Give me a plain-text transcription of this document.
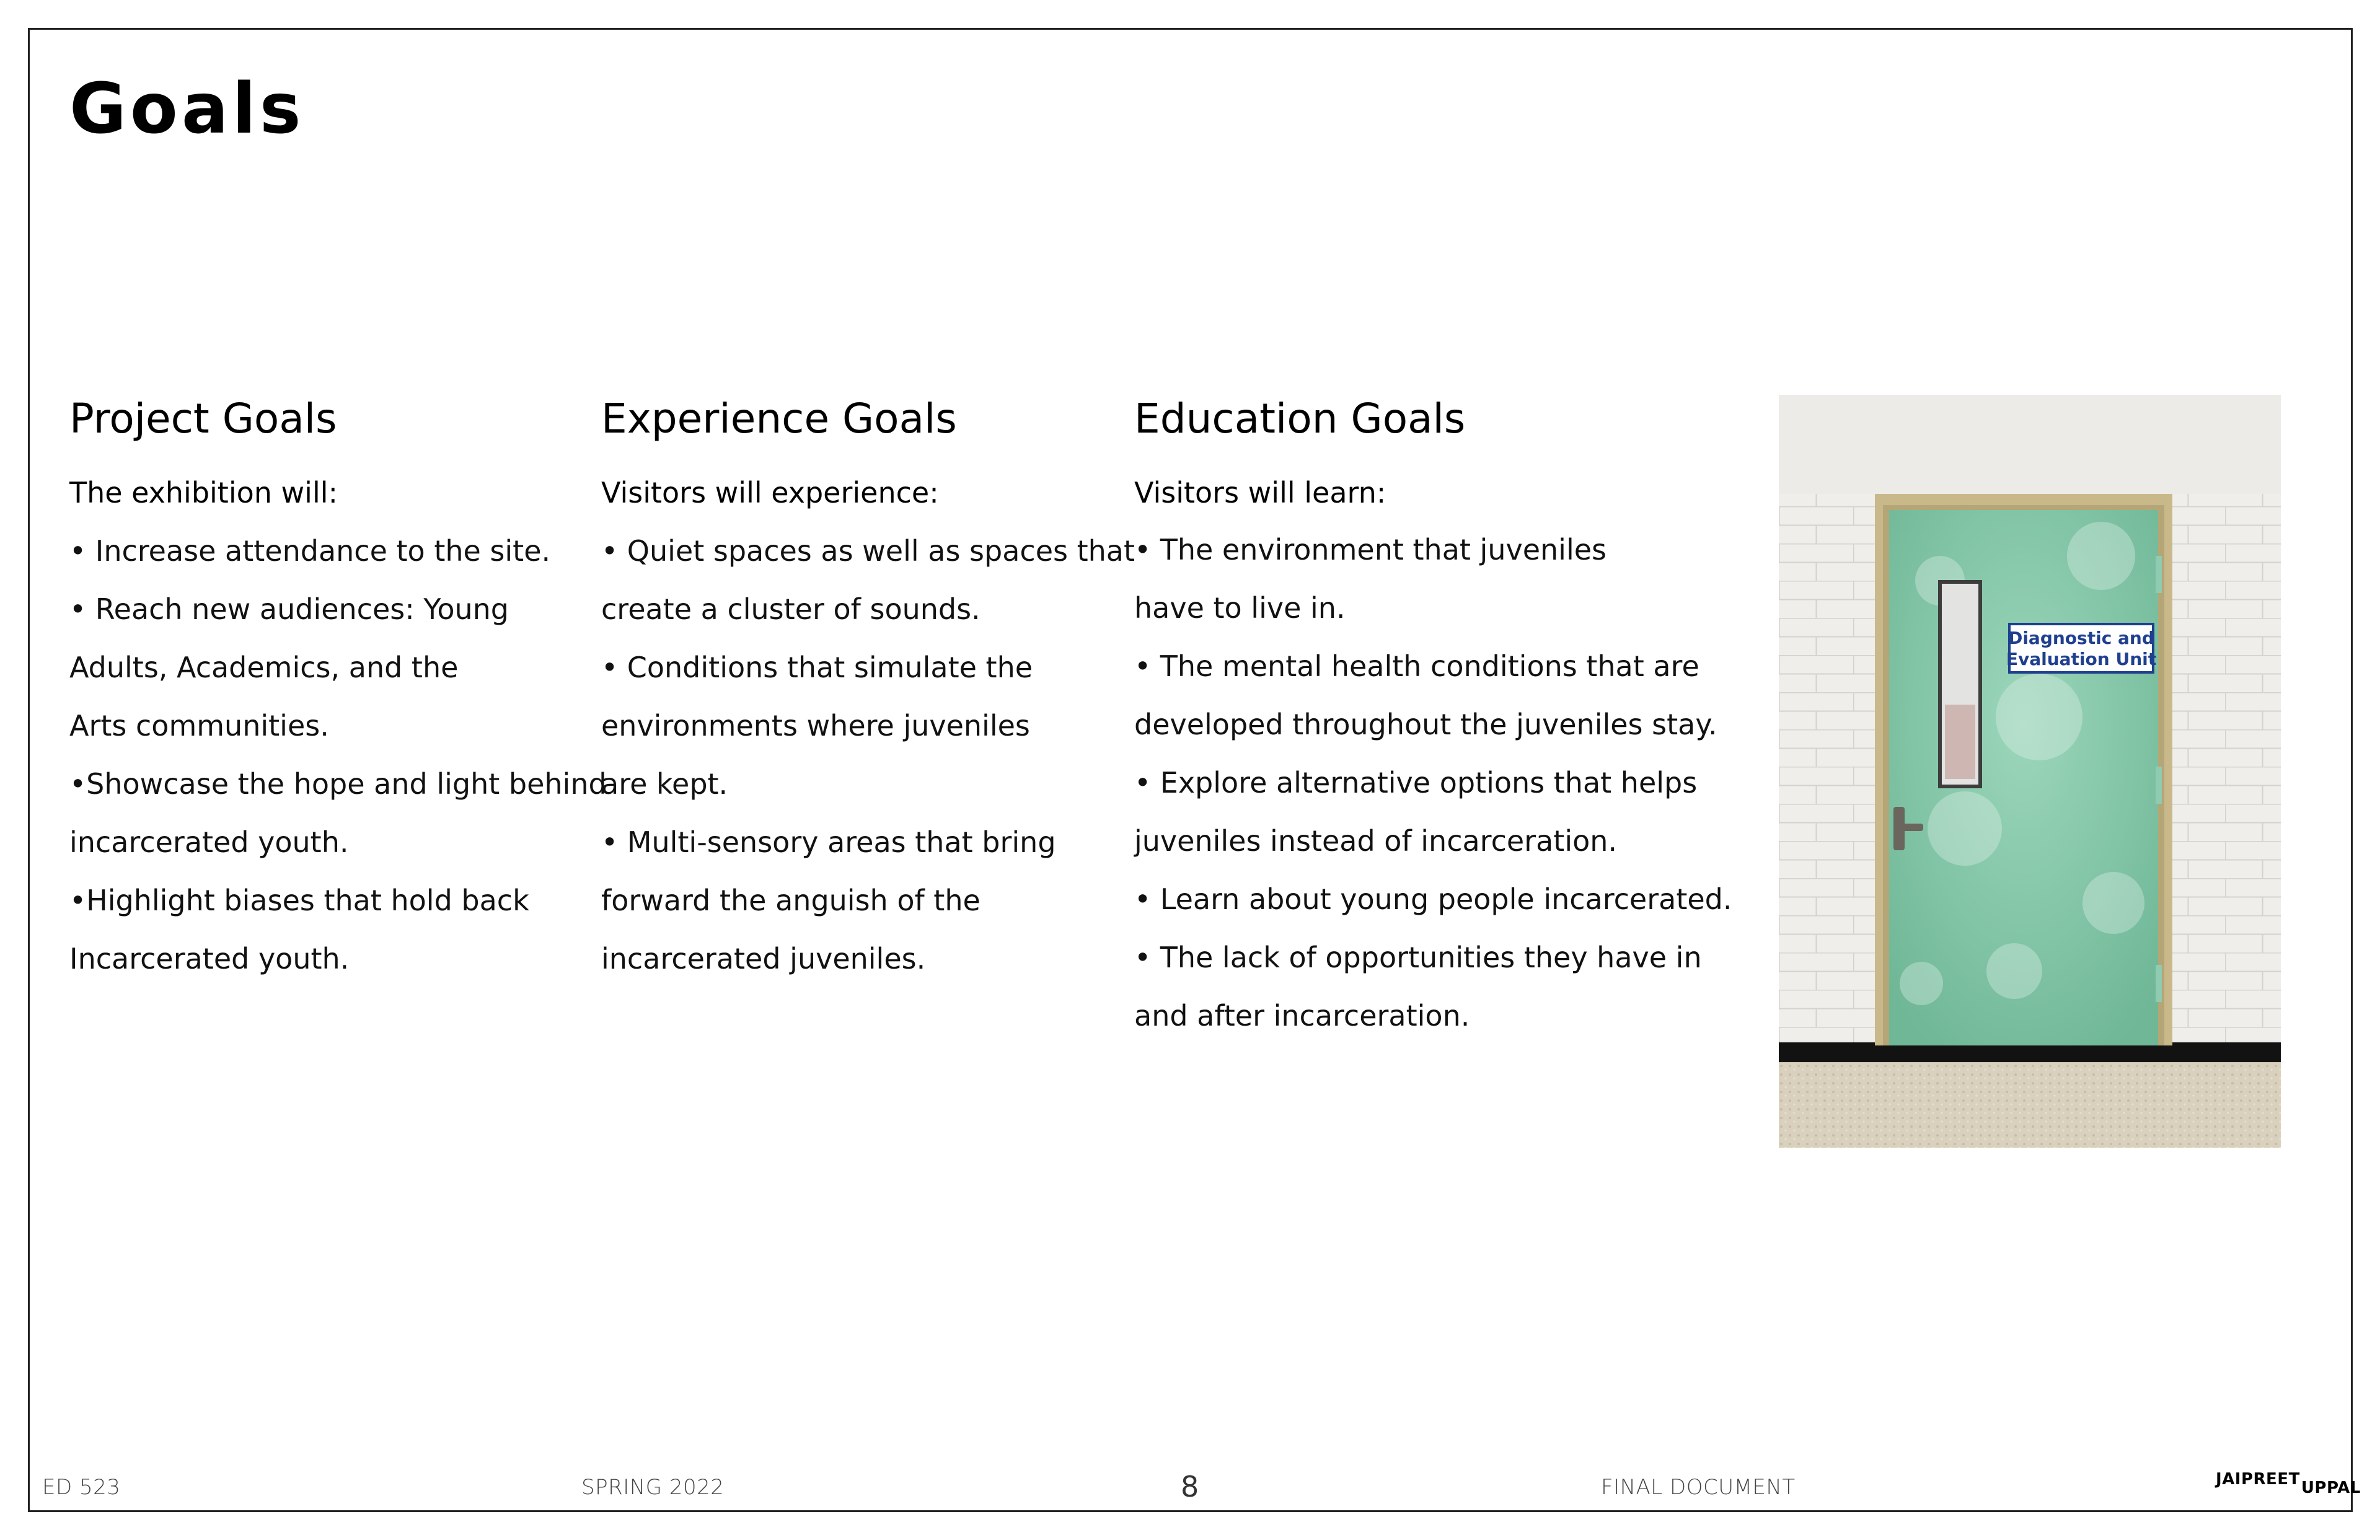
Goals
Project Goals
The exhibition will:
• Increase attendance to the site.
• Reach new audiences: Young
Adults, Academics, and the
Arts communities.
•Showcase the hope and light behind
incarcerated youth.
•Highlight biases that hold back
Incarcerated youth.
Experience Goals
Visitors will experience:
• Quiet spaces as well as spaces that
create a cluster of sounds.
• Conditions that simulate the
environments where juveniles
are kept.
• Multi-sensory areas that bring
forward the anguish of the
incarcerated juveniles.
Education Goals
Visitors will learn:
• The environment that juveniles
have to live in.
• The mental health conditions that are
developed throughout the juveniles stay.
• Explore alternative options that helps
juveniles instead of incarceration.
• Learn about young people incarcerated.
• The lack of opportunities they have in
and after incarceration.
Diagnostic and
Evaluation Unit
ED 523	SPRING 2022	8	FINAL DOCUMENT	JAIPREETUPPAL
